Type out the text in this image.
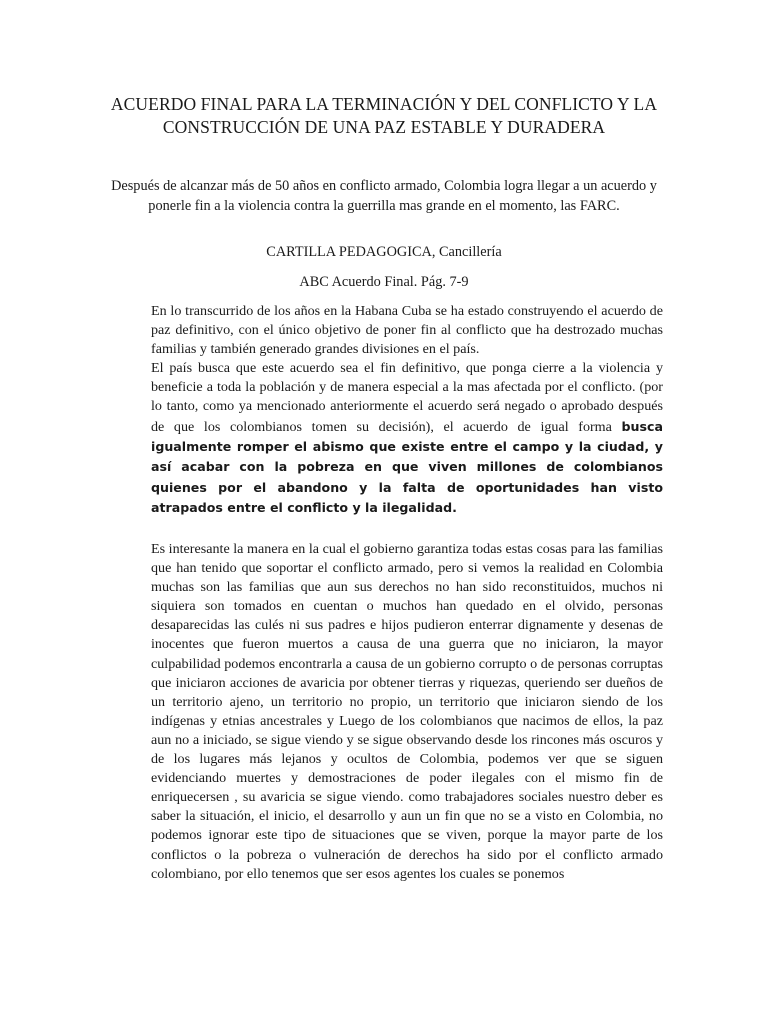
ACUERDO FINAL PARA LA TERMINACIÓN Y DEL CONFLICTO Y LA
CONSTRUCCIÓN DE UNA PAZ ESTABLE Y DURADERA
Después de alcanzar más de 50 años en conflicto armado, Colombia logra llegar a un acuerdo y ponerle fin a la violencia contra la guerrilla mas grande en el momento, las FARC.
CARTILLA PEDAGOGICA, Cancillería
ABC Acuerdo Final. Pág. 7-9

En lo transcurrido de los años en la Habana Cuba se ha estado construyendo el acuerdo de paz definitivo, con el único objetivo de poner fin al conflicto que ha destrozado muchas familias y también generado grandes divisiones en el país.

El país busca que este acuerdo sea el fin definitivo, que ponga cierre a la violencia y beneficie a toda la población y de manera especial a la mas afectada por el conflicto. (por lo tanto, como ya mencionado anteriormente el acuerdo será negado o aprobado después de que los colombianos tomen su decisión), el acuerdo de igual forma busca igualmente romper el abismo que existe entre el campo y la ciudad, y así acabar con la pobreza en que viven millones de colombianos quienes por el abandono y la falta de oportunidades han visto atrapados entre el conflicto y la ilegalidad.

Es interesante la manera en la cual el gobierno garantiza todas estas cosas para las familias que han tenido que soportar el conflicto armado, pero si vemos la realidad en Colombia muchas son las familias que aun sus derechos no han sido reconstituidos, muchos ni siquiera son tomados en cuentan o muchos han quedado en el olvido, personas desaparecidas las culés ni sus padres e hijos pudieron enterrar dignamente y desenas de inocentes que fueron muertos a causa de una guerra que no iniciaron, la mayor culpabilidad podemos encontrarla a causa de un gobierno corrupto o de personas corruptas que iniciaron acciones de avaricia por obtener tierras y riquezas, queriendo ser dueños de un territorio ajeno, un territorio no propio, un territorio que iniciaron siendo de los indígenas y etnias ancestrales y Luego de los colombianos que nacimos de ellos, la paz aun no a iniciado, se sigue viendo y se sigue observando desde los rincones más oscuros y de los lugares más lejanos y ocultos de Colombia, podemos ver que se siguen evidenciando muertes y demostraciones de poder ilegales con el mismo fin de enriquecersen , su avaricia se sigue viendo. como trabajadores sociales nuestro deber es saber la situación, el inicio, el desarrollo y aun un fin que no se a visto en Colombia, no podemos ignorar este tipo de situaciones que se viven, porque la mayor parte de los conflictos o la pobreza o vulneración de derechos ha sido por el conflicto armado colombiano, por ello tenemos que ser esos agentes los cuales se ponemos
